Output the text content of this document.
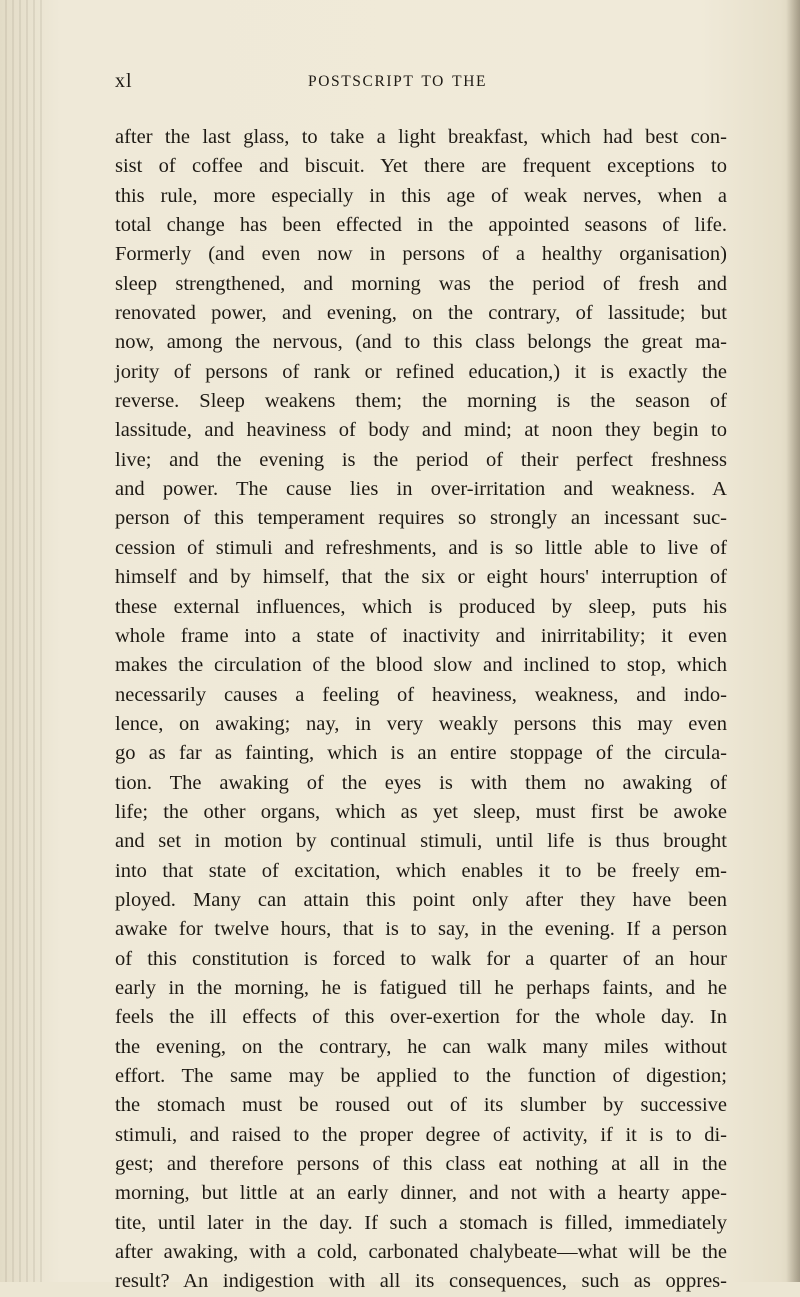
xl	POSTSCRIPT TO THE
after the last glass, to take a light breakfast, which had best con-
sist of coffee and biscuit. Yet there are frequent exceptions to
this rule, more especially in this age of weak nerves, when a
total change has been effected in the appointed seasons of life.
Formerly (and even now in persons of a healthy organisation)
sleep strengthened, and morning was the period of fresh and
renovated power, and evening, on the contrary, of lassitude; but
now, among the nervous, (and to this class belongs the great ma-
jority of persons of rank or refined education,) it is exactly the
reverse. Sleep weakens them; the morning is the season of
lassitude, and heaviness of body and mind; at noon they begin to
live; and the evening is the period of their perfect freshness
and power. The cause lies in over-irritation and weakness. A
person of this temperament requires so strongly an incessant suc-
cession of stimuli and refreshments, and is so little able to live of
himself and by himself, that the six or eight hours' interruption of
these external influences, which is produced by sleep, puts his
whole frame into a state of inactivity and inirritability; it even
makes the circulation of the blood slow and inclined to stop, which
necessarily causes a feeling of heaviness, weakness, and indo-
lence, on awaking; nay, in very weakly persons this may even
go as far as fainting, which is an entire stoppage of the circula-
tion. The awaking of the eyes is with them no awaking of
life; the other organs, which as yet sleep, must first be awoke
and set in motion by continual stimuli, until life is thus brought
into that state of excitation, which enables it to be freely em-
ployed. Many can attain this point only after they have been
awake for twelve hours, that is to say, in the evening. If a person
of this constitution is forced to walk for a quarter of an hour
early in the morning, he is fatigued till he perhaps faints, and he
feels the ill effects of this over-exertion for the whole day. In
the evening, on the contrary, he can walk many miles without
effort. The same may be applied to the function of digestion;
the stomach must be roused out of its slumber by successive
stimuli, and raised to the proper degree of activity, if it is to di-
gest; and therefore persons of this class eat nothing at all in the
morning, but little at an early dinner, and not with a hearty appe-
tite, until later in the day. If such a stomach is filled, immediately
after awaking, with a cold, carbonated chalybeate—what will be the
result? An indigestion with all its consequences, such as oppres-
